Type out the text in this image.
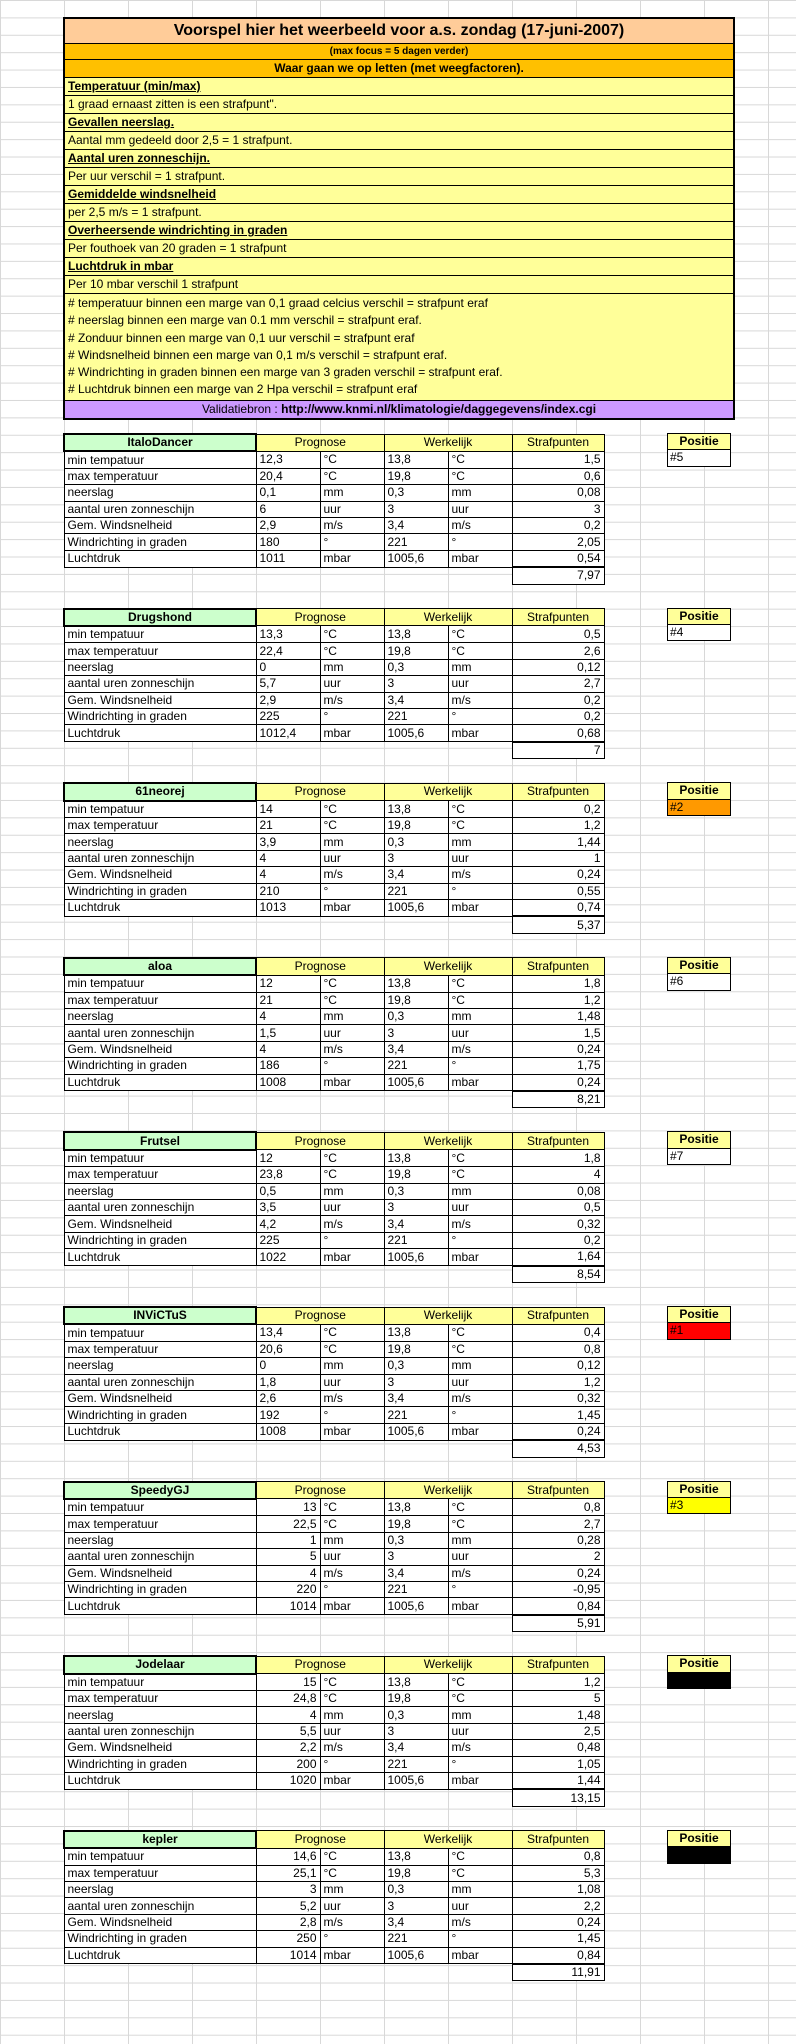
Voorspel hier het weerbeeld voor a.s. zondag (17-juni-2007)
(max focus = 5 dagen verder)
Waar gaan we op letten (met weegfactoren).
Temperatuur (min/max)
1 graad ernaast zitten is een strafpunt".
Gevallen neerslag.
Aantal mm gedeeld door 2,5 = 1 strafpunt.
Aantal uren zonneschijn.
Per uur verschil = 1 strafpunt.
Gemiddelde windsnelheid
per 2,5 m/s = 1 strafpunt.
Overheersende windrichting in graden
Per fouthoek van 20 graden = 1 strafpunt
Luchtdruk in mbar
Per 10 mbar verschil 1 strafpunt
# temperatuur binnen een marge van 0,1 graad celcius verschil = strafpunt eraf
# neerslag binnen een marge van 0.1 mm verschil = strafpunt eraf.
# Zonduur binnen een marge van 0,1 uur verschil = strafpunt eraf
# Windsnelheid binnen een marge van 0,1 m/s verschil = strafpunt eraf.
# Windrichting in graden binnen een marge van 3 graden verschil = strafpunt eraf.
# Luchtdruk binnen een marge van 2 Hpa verschil = strafpunt eraf
Validatiebron : http://www.knmi.nl/klimatologie/daggegevens/index.cgi
ItaloDancer	Prognose		Werkelijk		Strafpunten
min tempatuur	12,3	°C	13,8	°C	1,5
max temperatuur	20,4	°C	19,8	°C	0,6
neerslag	0,1	mm	0,3	mm	0,08
aantal uren zonneschijn	6	uur	3	uur	3
Gem. Windsnelheid	2,9	m/s	3,4	m/s	0,2
Windrichting in graden	180	°	221	°	2,05
Luchtdruk	1011	mbar	1005,6	mbar	0,54
					7,97
Positie
#5
Drugshond	Prognose		Werkelijk		Strafpunten
min tempatuur	13,3	°C	13,8	°C	0,5
max temperatuur	22,4	°C	19,8	°C	2,6
neerslag	0	mm	0,3	mm	0,12
aantal uren zonneschijn	5,7	uur	3	uur	2,7
Gem. Windsnelheid	2,9	m/s	3,4	m/s	0,2
Windrichting in graden	225	°	221	°	0,2
Luchtdruk	1012,4	mbar	1005,6	mbar	0,68
					7
Positie
#4
61neorej	Prognose		Werkelijk		Strafpunten
min tempatuur	14	°C	13,8	°C	0,2
max temperatuur	21	°C	19,8	°C	1,2
neerslag	3,9	mm	0,3	mm	1,44
aantal uren zonneschijn	4	uur	3	uur	1
Gem. Windsnelheid	4	m/s	3,4	m/s	0,24
Windrichting in graden	210	°	221	°	0,55
Luchtdruk	1013	mbar	1005,6	mbar	0,74
					5,37
Positie
#2
aloa	Prognose		Werkelijk		Strafpunten
min tempatuur	12	°C	13,8	°C	1,8
max temperatuur	21	°C	19,8	°C	1,2
neerslag	4	mm	0,3	mm	1,48
aantal uren zonneschijn	1,5	uur	3	uur	1,5
Gem. Windsnelheid	4	m/s	3,4	m/s	0,24
Windrichting in graden	186	°	221	°	1,75
Luchtdruk	1008	mbar	1005,6	mbar	0,24
					8,21
Positie
#6
Frutsel	Prognose		Werkelijk		Strafpunten
min tempatuur	12	°C	13,8	°C	1,8
max temperatuur	23,8	°C	19,8	°C	4
neerslag	0,5	mm	0,3	mm	0,08
aantal uren zonneschijn	3,5	uur	3	uur	0,5
Gem. Windsnelheid	4,2	m/s	3,4	m/s	0,32
Windrichting in graden	225	°	221	°	0,2
Luchtdruk	1022	mbar	1005,6	mbar	1,64
					8,54
Positie
#7
INViCTuS	Prognose		Werkelijk		Strafpunten
min tempatuur	13,4	°C	13,8	°C	0,4
max temperatuur	20,6	°C	19,8	°C	0,8
neerslag	0	mm	0,3	mm	0,12
aantal uren zonneschijn	1,8	uur	3	uur	1,2
Gem. Windsnelheid	2,6	m/s	3,4	m/s	0,32
Windrichting in graden	192	°	221	°	1,45
Luchtdruk	1008	mbar	1005,6	mbar	0,24
					4,53
Positie
#1
SpeedyGJ	Prognose		Werkelijk		Strafpunten
min tempatuur	13	°C	13,8	°C	0,8
max temperatuur	22,5	°C	19,8	°C	2,7
neerslag	1	mm	0,3	mm	0,28
aantal uren zonneschijn	5	uur	3	uur	2
Gem. Windsnelheid	4	m/s	3,4	m/s	0,24
Windrichting in graden	220	°	221	°	-0,95
Luchtdruk	1014	mbar	1005,6	mbar	0,84
					5,91
Positie
#3
Jodelaar	Prognose		Werkelijk		Strafpunten
min tempatuur	15	°C	13,8	°C	1,2
max temperatuur	24,8	°C	19,8	°C	5
neerslag	4	mm	0,3	mm	1,48
aantal uren zonneschijn	5,5	uur	3	uur	2,5
Gem. Windsnelheid	2,2	m/s	3,4	m/s	0,48
Windrichting in graden	200	°	221	°	1,05
Luchtdruk	1020	mbar	1005,6	mbar	1,44
					13,15
Positie
kepler	Prognose		Werkelijk		Strafpunten
min tempatuur	14,6	°C	13,8	°C	0,8
max temperatuur	25,1	°C	19,8	°C	5,3
neerslag	3	mm	0,3	mm	1,08
aantal uren zonneschijn	5,2	uur	3	uur	2,2
Gem. Windsnelheid	2,8	m/s	3,4	m/s	0,24
Windrichting in graden	250	°	221	°	1,45
Luchtdruk	1014	mbar	1005,6	mbar	0,84
					11,91
Positie
